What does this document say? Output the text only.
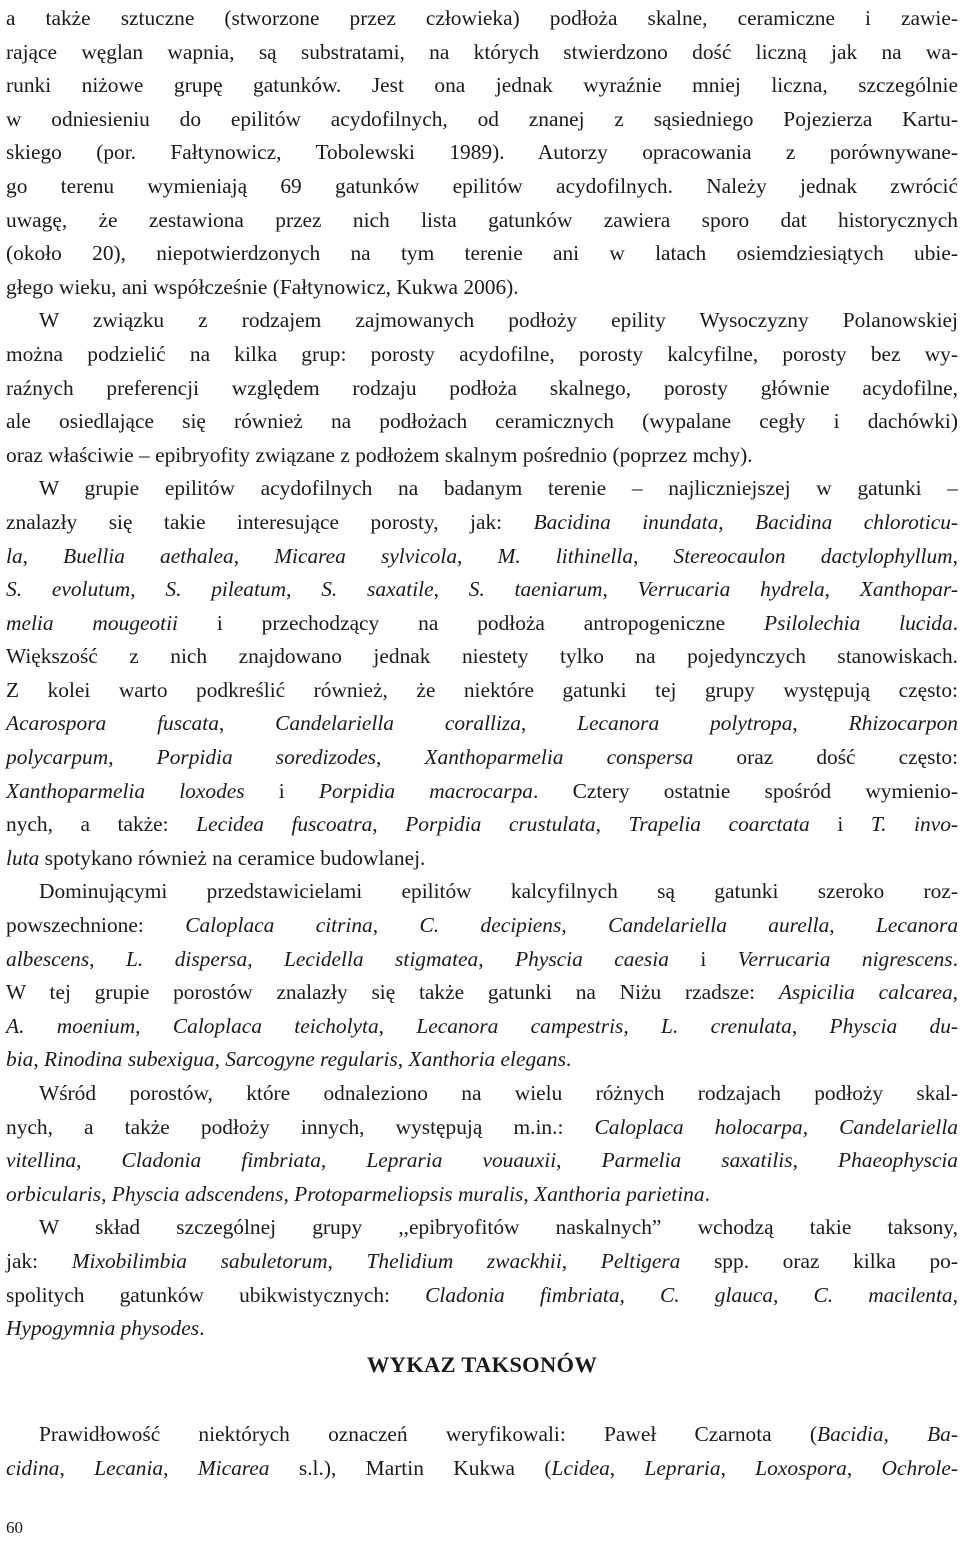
a także sztuczne (stworzone przez człowieka) podłoża skalne, ceramiczne i zawie-
rające węglan wapnia, są substratami, na których stwierdzono dość liczną jak na wa-
runki niżowe grupę gatunków. Jest ona jednak wyraźnie mniej liczna, szczególnie
w odniesieniu do epilitów acydofilnych, od znanej z sąsiedniego Pojezierza Kartu-
skiego (por. Fałtynowicz, Tobolewski 1989). Autorzy opracowania z porównywane-
go terenu wymieniają 69 gatunków epilitów acydofilnych. Należy jednak zwrócić
uwagę, że zestawiona przez nich lista gatunków zawiera sporo dat historycznych
(około 20), niepotwierdzonych na tym terenie ani w latach osiemdziesiątych ubie-
głego wieku, ani współcześnie (Fałtynowicz, Kukwa 2006).
W związku z rodzajem zajmowanych podłoży epility Wysoczyzny Polanowskiej
można podzielić na kilka grup: porosty acydofilne, porosty kalcyfilne, porosty bez wy-
raźnych preferencji względem rodzaju podłoża skalnego, porosty głównie acydofilne,
ale osiedlające się również na podłożach ceramicznych (wypalane cegły i dachówki)
oraz właściwie – epibryofity związane z podłożem skalnym pośrednio (poprzez mchy).
W grupie epilitów acydofilnych na badanym terenie – najliczniejszej w gatunki –
znalazły się takie interesujące porosty, jak: Bacidina inundata, Bacidina chloroticu-
la, Buellia aethalea, Micarea sylvicola, M. lithinella, Stereocaulon dactylophyllum,
S. evolutum, S. pileatum, S. saxatile, S. taeniarum, Verrucaria hydrela, Xanthopar-
melia mougeotii i przechodzący na podłoża antropogeniczne Psilolechia lucida.
Większość z nich znajdowano jednak niestety tylko na pojedynczych stanowiskach.
Z kolei warto podkreślić również, że niektóre gatunki tej grupy występują często:
Acarospora fuscata, Candelariella coralliza, Lecanora polytropa, Rhizocarpon
polycarpum, Porpidia soredizodes, Xanthoparmelia conspersa oraz dość często:
Xanthoparmelia loxodes i Porpidia macrocarpa. Cztery ostatnie spośród wymienio-
nych, a także: Lecidea fuscoatra, Porpidia crustulata, Trapelia coarctata i T. invo-
luta spotykano również na ceramice budowlanej.
Dominującymi przedstawicielami epilitów kalcyfilnych są gatunki szeroko roz-
powszechnione: Caloplaca citrina, C. decipiens, Candelariella aurella, Lecanora
albescens, L. dispersa, Lecidella stigmatea, Physcia caesia i Verrucaria nigrescens.
W tej grupie porostów znalazły się także gatunki na Niżu rzadsze: Aspicilia calcarea,
A. moenium, Caloplaca teicholyta, Lecanora campestris, L. crenulata, Physcia du-
bia, Rinodina subexigua, Sarcogyne regularis, Xanthoria elegans.
Wśród porostów, które odnaleziono na wielu różnych rodzajach podłoży skal-
nych, a także podłoży innych, występują m.in.: Caloplaca holocarpa, Candelariella
vitellina, Cladonia fimbriata, Lepraria vouauxii, Parmelia saxatilis, Phaeophyscia
orbicularis, Physcia adscendens, Protoparmeliopsis muralis, Xanthoria parietina.
W skład szczególnej grupy ,,epibryofitów naskalnych” wchodzą takie taksony,
jak: Mixobilimbia sabuletorum, Thelidium zwackhii, Peltigera spp. oraz kilka po-
spolitych gatunków ubikwistycznych: Cladonia fimbriata, C. glauca, C. macilenta,
Hypogymnia physodes.
WYKAZ TAKSONÓW
Prawidłowość niektórych oznaczeń weryfikowali: Paweł Czarnota (Bacidia, Ba-
cidina, Lecania, Micarea s.l.), Martin Kukwa (Lcidea, Lepraria, Loxospora, Ochrole-

60
